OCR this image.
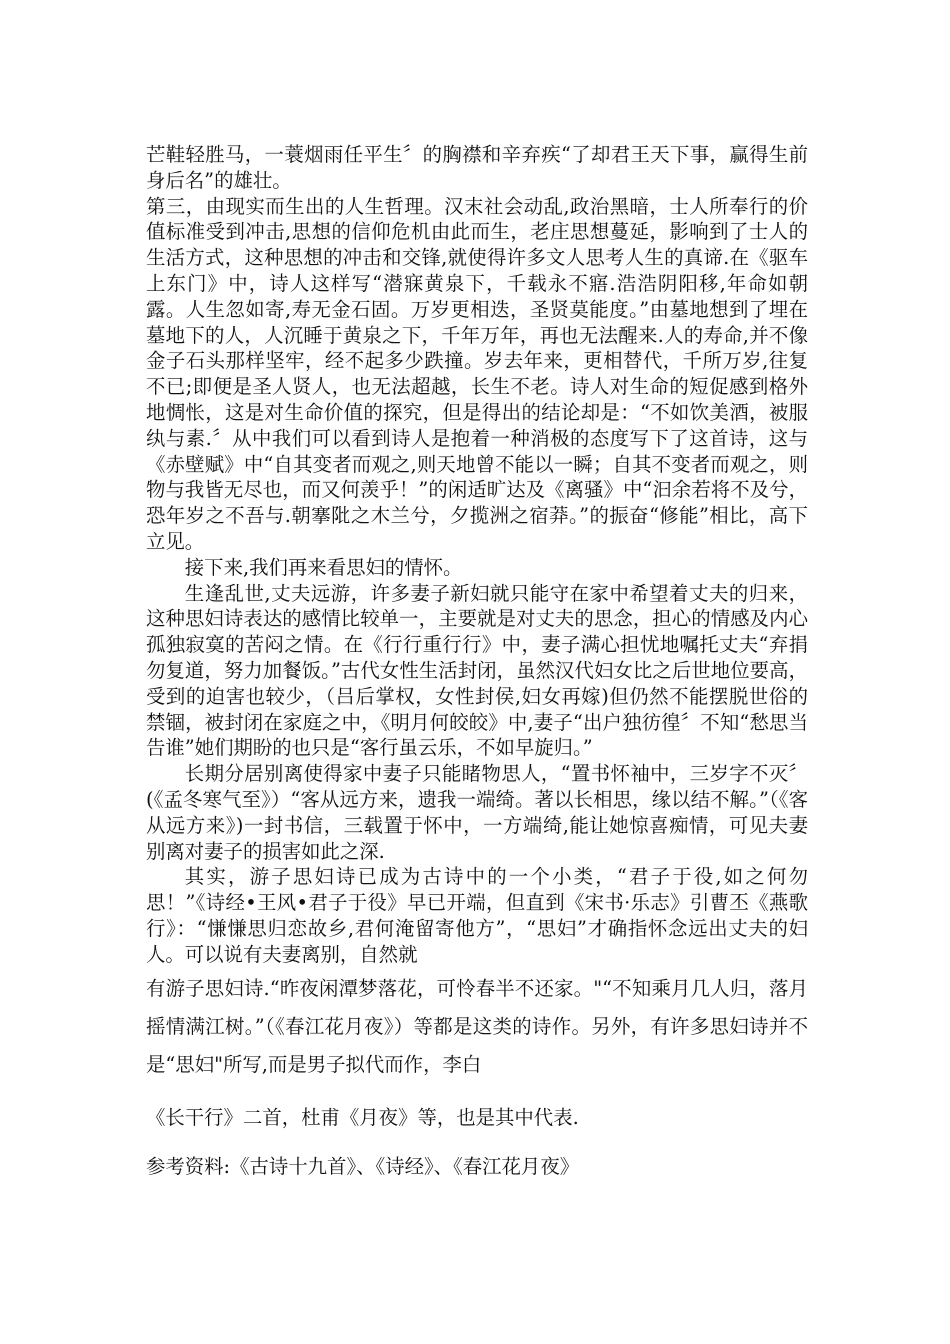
芒鞋轻胜马，一蓑烟雨任平生〞的胸襟和辛弃疾“了却君王天下事，赢得生前身后名”的雄壮。

第三，由现实而生出的人生哲理。汉末社会动乱,政治黑暗，士人所奉行的价值标准受到冲击,思想的信仰危机由此而生，老庄思想蔓延，影响到了士人的生活方式，这种思想的冲击和交锋,就使得许多文人思考人生的真谛.在《驱车上东门》中，诗人这样写“潜寐黄泉下，千载永不寤.浩浩阴阳移,年命如朝露。人生忽如寄,寿无金石固。万岁更相迭，圣贤莫能度。”由墓地想到了埋在墓地下的人，人沉睡于黄泉之下，千年万年，再也无法醒来.人的寿命,并不像金子石头那样坚牢，经不起多少跌撞。岁去年来，更相替代，千所万岁,往复不已;即便是圣人贤人，也无法超越，长生不老。诗人对生命的短促感到格外地惆怅，这是对生命价值的探究，但是得出的结论却是：“不如饮美酒，被服纨与素.〞从中我们可以看到诗人是抱着一种消极的态度写下了这首诗，这与《赤壁赋》中“自其变者而观之,则天地曾不能以一瞬；自其不变者而观之，则物与我皆无尽也，而又何羡乎！”的闲适旷达及《离骚》中“汩余若将不及兮，恐年岁之不吾与.朝搴阰之木兰兮，夕揽洲之宿莽。”的振奋“修能”相比，高下立见。

接下来,我们再来看思妇的情怀。

生逢乱世,丈夫远游，许多妻子新妇就只能守在家中希望着丈夫的归来，这种思妇诗表达的感情比较单一，主要就是对丈夫的思念，担心的情感及内心孤独寂寞的苦闷之情。在《行行重行行》中，妻子满心担忧地嘱托丈夫“弃捐勿复道，努力加餐饭。”古代女性生活封闭，虽然汉代妇女比之后世地位要高，受到的迫害也较少，（吕后掌权，女性封侯,妇女再嫁)但仍然不能摆脱世俗的禁锢，被封闭在家庭之中，《明月何皎皎》中,妻子“出户独彷徨〞不知“愁思当告谁”她们期盼的也只是“客行虽云乐，不如早旋归。”

长期分居别离使得家中妻子只能睹物思人，“置书怀袖中，三岁字不灭〞(《孟冬寒气至》）“客从远方来，遗我一端绮。著以长相思，缘以结不解。”（《客从远方来》)一封书信，三载置于怀中，一方端绮,能让她惊喜痴情，可见夫妻别离对妻子的损害如此之深.

其实，游子思妇诗已成为古诗中的一个小类，“君子于役,如之何勿思！”《诗经•王风•君子于役》早已开端，但直到《宋书·乐志》引曹丕《燕歌行》：“慊慊思归恋故乡,君何淹留寄他方”，“思妇”才确指怀念远出丈夫的妇人。可以说有夫妻离别，自然就

有游子思妇诗.“昨夜闲潭梦落花，可怜春半不还家。"“不知乘月几人归，落月摇情满江树。”（《春江花月夜》）等都是这类的诗作。另外，有许多思妇诗并不是“思妇"所写,而是男子拟代而作，李白

《长干行》二首，杜甫《月夜》等，也是其中代表.

参考资料:《古诗十九首》、《诗经》、《春江花月夜》
